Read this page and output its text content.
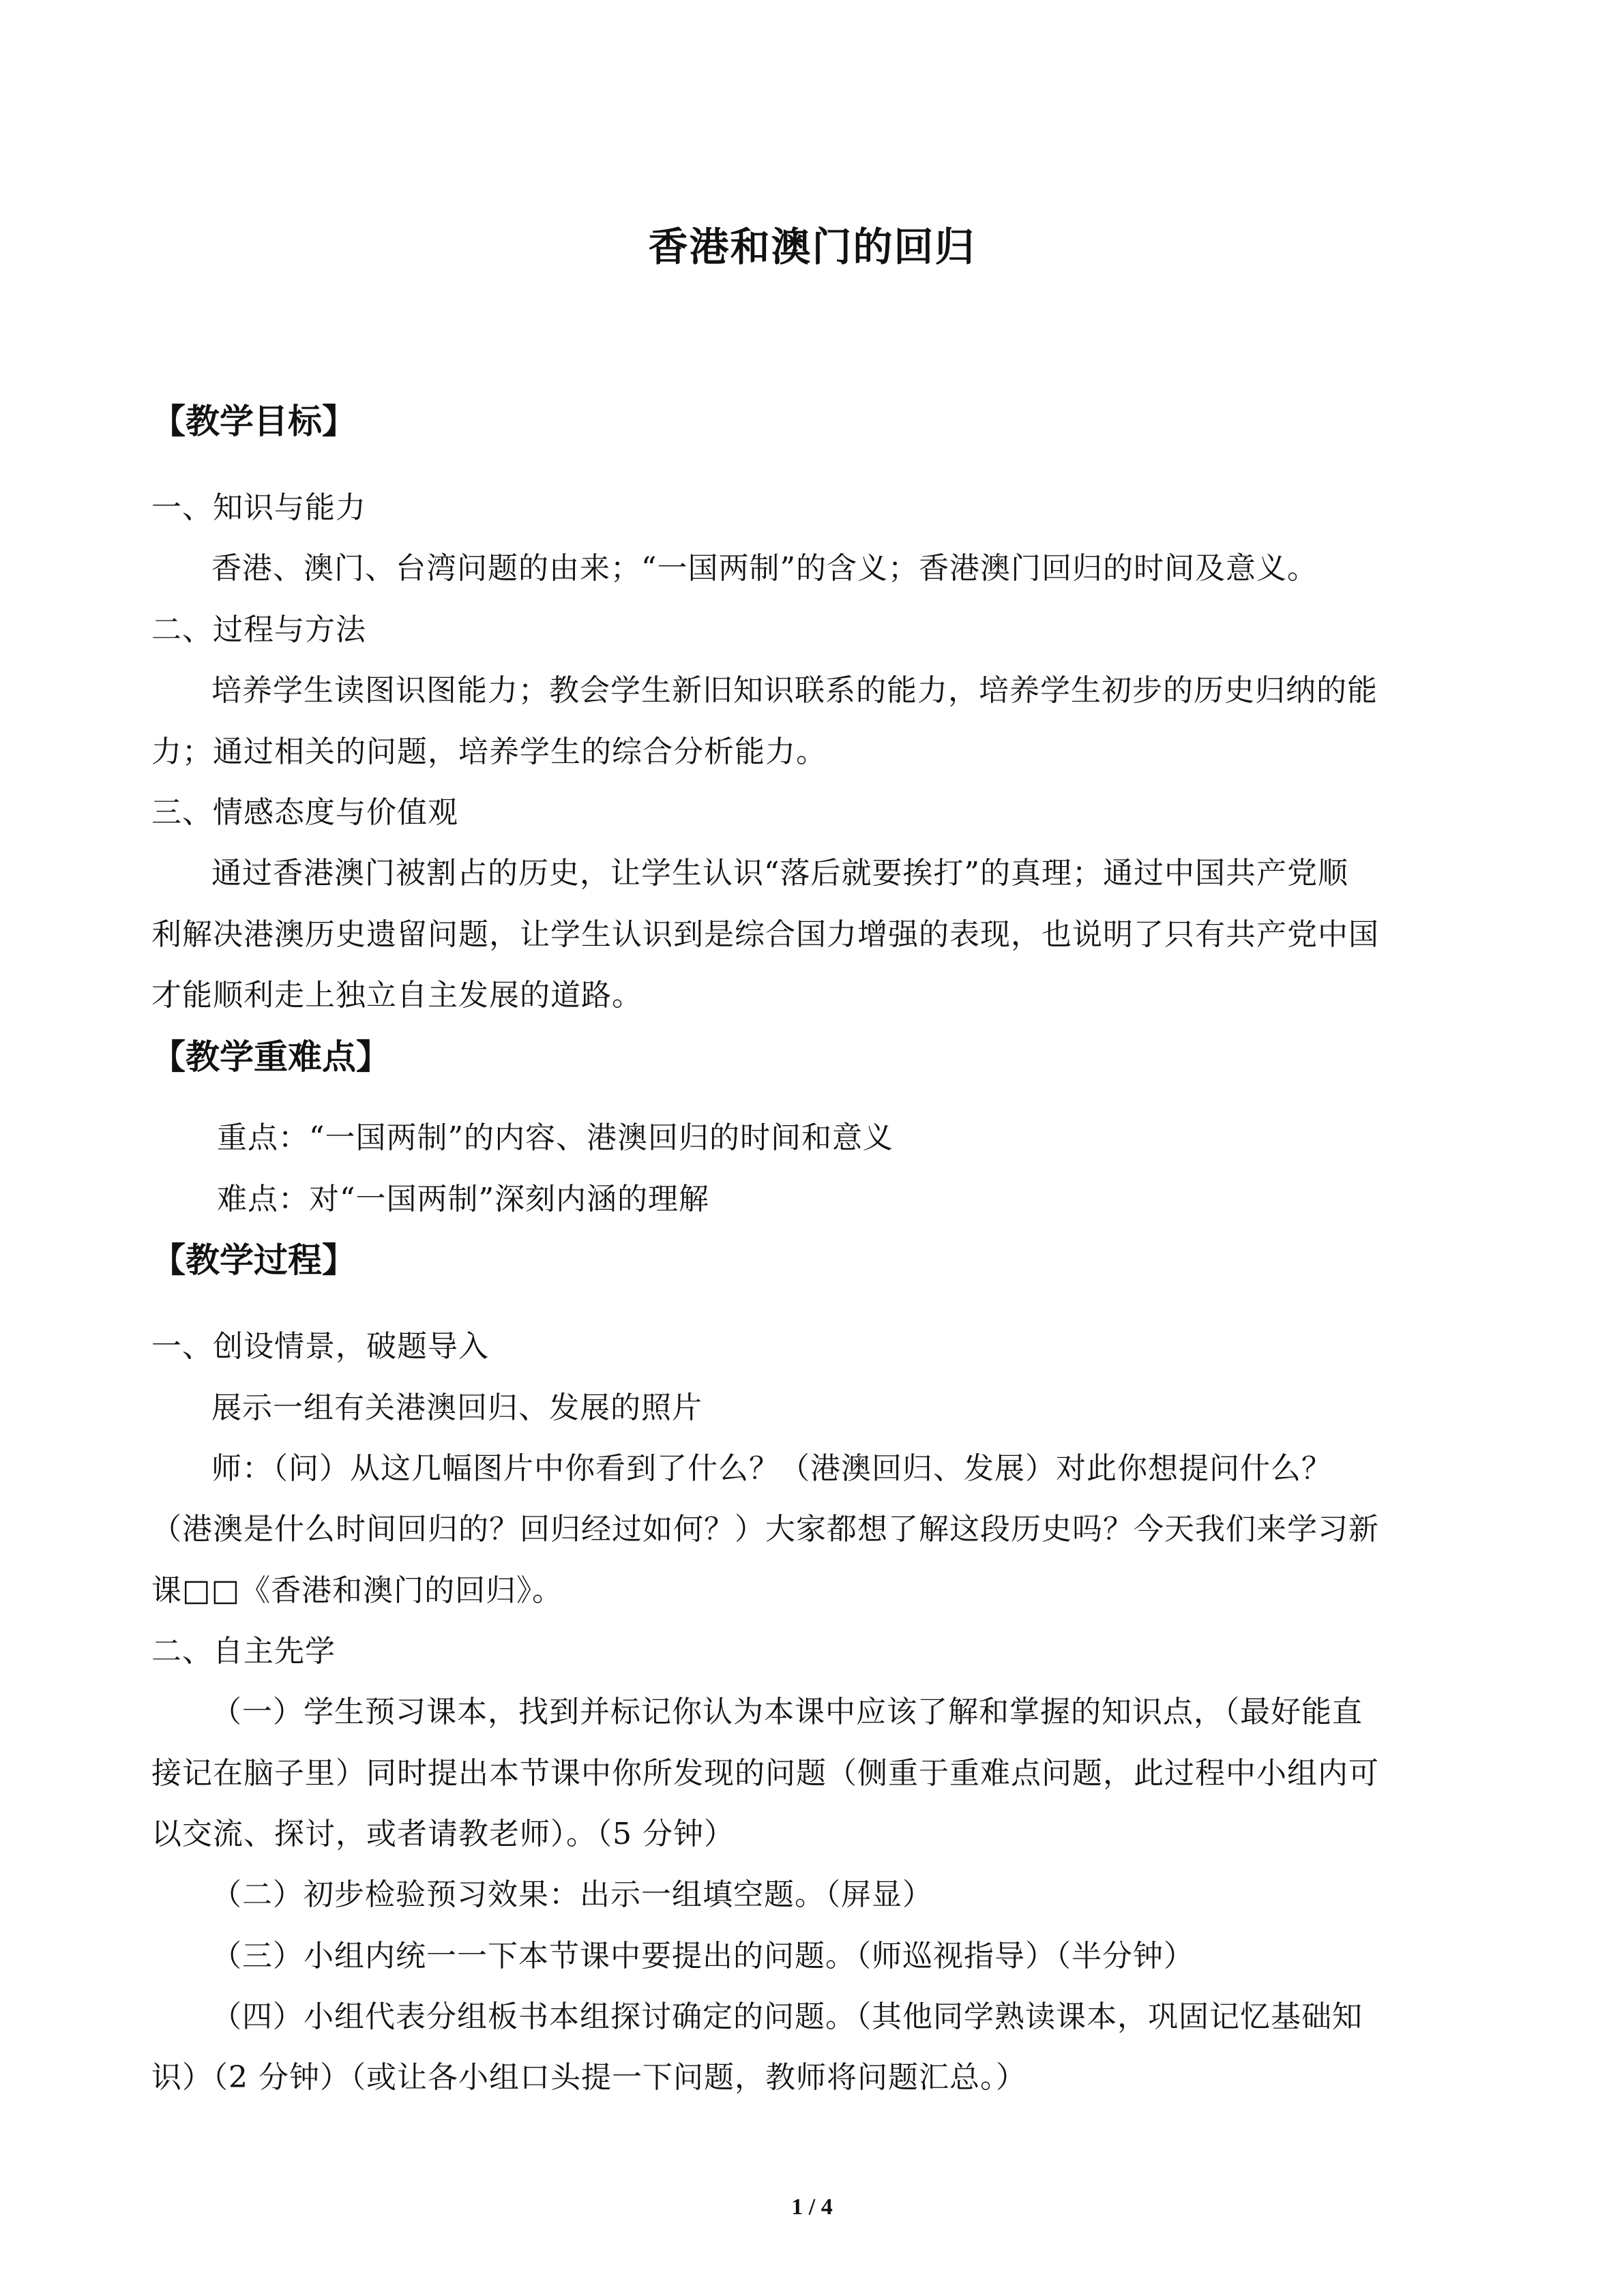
香港和澳门的回归
【教学目标】
一、知识与能力
香港、澳门、台湾问题的由来；“一国两制”的含义；香港澳门回归的时间及意义。
二、过程与方法
培养学生读图识图能力；教会学生新旧知识联系的能力，培养学生初步的历史归纳的能
力；通过相关的问题，培养学生的综合分析能力。
三、情感态度与价值观
通过香港澳门被割占的历史，让学生认识“落后就要挨打”的真理；通过中国共产党顺
利解决港澳历史遗留问题，让学生认识到是综合国力增强的表现，也说明了只有共产党中国
才能顺利走上独立自主发展的道路。
【教学重难点】
重点：“一国两制”的内容、港澳回归的时间和意义
难点：对“一国两制”深刻内涵的理解
【教学过程】
一、创设情景，破题导入
展示一组有关港澳回归、发展的照片
师：（问）从这几幅图片中你看到了什么？（港澳回归、发展）对此你想提问什么？
（港澳是什么时间回归的？回归经过如何？）大家都想了解这段历史吗？今天我们来学习新
课□□《香港和澳门的回归》。
二、自主先学
（一）学生预习课本，找到并标记你认为本课中应该了解和掌握的知识点，（最好能直
接记在脑子里）同时提出本节课中你所发现的问题（侧重于重难点问题，此过程中小组内可
以交流、探讨，或者请教老师）。（5 分钟）
（二）初步检验预习效果：出示一组填空题。（屏显）
（三）小组内统一一下本节课中要提出的问题。（师巡视指导）（半分钟）
（四）小组代表分组板书本组探讨确定的问题。（其他同学熟读课本，巩固记忆基础知
识）（2 分钟）（或让各小组口头提一下问题，教师将问题汇总。）
1 / 4
